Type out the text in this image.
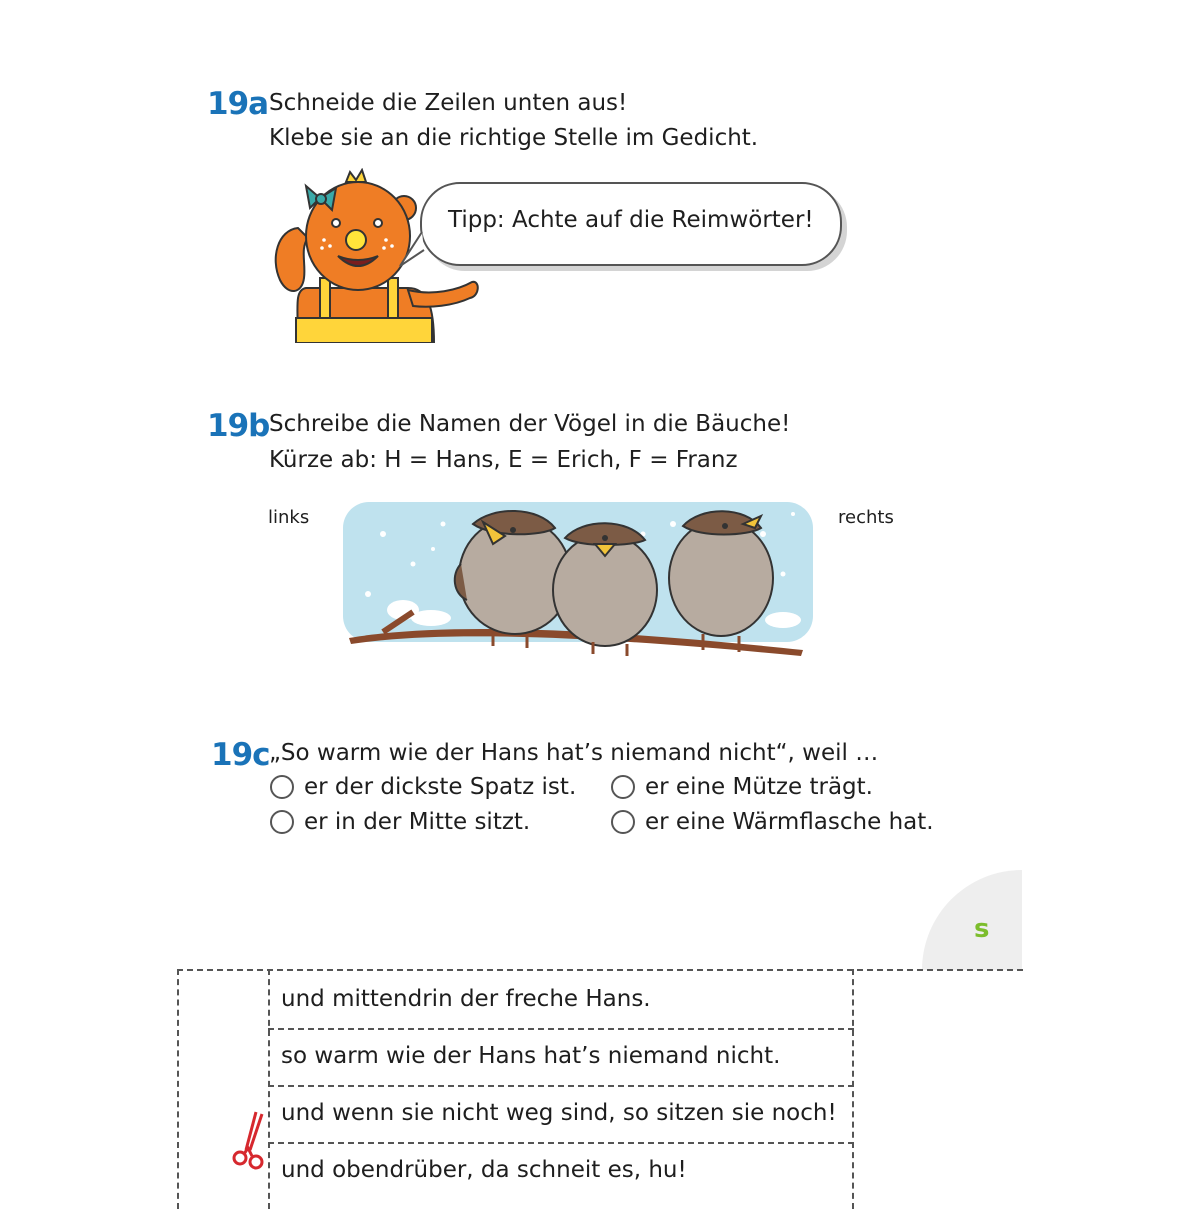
19a Schneide die Zeilen unten aus!
Klebe sie an die richtige Stelle im Gedicht.
Tipp: Achte auf die Reimwörter!
19b Schreibe die Namen der Vögel in die Bäuche!
Kürze ab: H = Hans, E = Erich, F = Franz
links	rechts
19c „So warm wie der Hans hat’s niemand nicht“, weil …
er der dickste Spatz ist.	er eine Mütze trägt.
er in der Mitte sitzt.	er eine Wärmflasche hat.
s
und mittendrin der freche Hans.
so warm wie der Hans hat’s niemand nicht.
und wenn sie nicht weg sind, so sitzen sie noch!
und obendrüber, da schneit es, hu!
